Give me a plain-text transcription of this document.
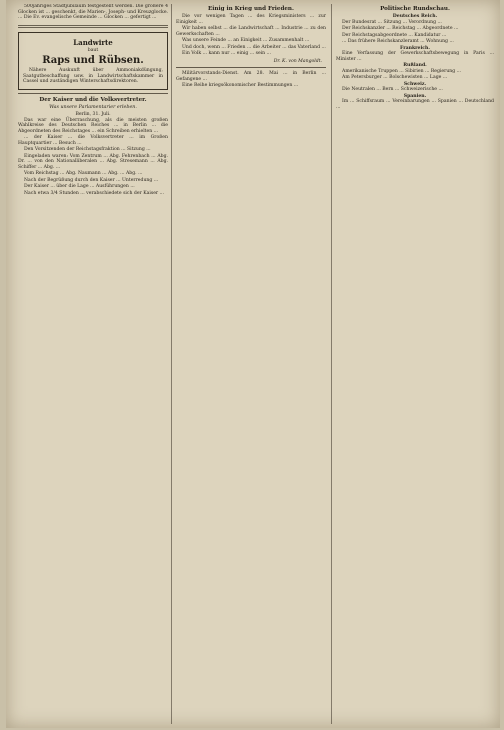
500jähriges Stadtjubiläum festgestellt werden. Die größere 4 Glocken ist ... geschenkt, die Marien-, Joseph- und Kreuzglocke. ... Die Ev. evangelische Gemeinde ... Glocken ... gefertigt ...
Landwirte
baut
Raps und Rübsen.
Nähere Auskunft über Ammoniakdüngung, Saatgutbeschaffung usw. in Landwirtschaftskammer in Cassel und zuständigen Winterschaftsdirektoren.
Der Kaiser und die Volksvertreter.
Was unsere Parlamentarier erleben.
Berlin, 31. Juli.
Das war eine Überraschung, als die meisten großen Wahlkreise des Deutschen Reiches ... in Berlin ... die Abgeordneten des Reichstages ... ein Schreiben erhielten ...
... der Kaiser ... die Volksvertreter ... im Großen Hauptquartier ... Besuch ...
Den Vorsitzenden der Reichstagsfraktion ... Sitzung ...
Eingeladen waren: Vom Zentrum ... Abg. Fehrenbach ... Abg. Dr. ... von den Nationalliberalen ... Abg. Stresemann ... Abg. Schiffer ... Abg. ...
Vom Reichstag ... Abg. Naumann ... Abg. ... Abg. ...
Nach der Begrüßung durch den Kaiser ... Unterredung ...
Der Kaiser ... über die Lage ... Ausführungen ...
Nach etwa 3/4 Stunden ... verabschiedete sich der Kaiser ...
Einig in Krieg und Frieden.
Die vor wenigen Tagen ... des Kriegsministers ... zur Einigkeit ...
Wir haben selbst ... die Landwirtschaft ... Industrie ... zu den Gewerkschaften ...
Was unsere Feinde ... an Einigkeit ... Zusammenhalt ...
Und doch, wenn ... Frieden ... die Arbeiter ... das Vaterland ...
Ein Volk ... kann nur ... einig ... sein ...
Dr. K. von Mangoldt.
Militärvorstands-Dienst. Am 28. Mai ... in Berlin ... Gefangene ...
Eine Reihe kriegsökonomischer Bestimmungen ...
Politische Rundschau.
Deutsches Reich.
Der Bundesrat ... Sitzung ... Verordnung ...
Der Reichskanzler ... Reichstag ... Abgeordnete ...
Der Reichstagsabgeordnete ... Kandidatur ...
... Das frühere Reichskanzleramt ... Wohnung ...
Frankreich.
Eine Verfassung der Gewerkschaftsbewegung in Paris ... Minister ...
Rußland.
Amerikanische Truppen ... Sibirien ... Regierung ...
Am Petersburger ... Bolschewisten ... Lage ...
Schweiz.
Die Neutralen ... Bern ... Schweizerische ...
Spanien.
Im ... Schiffsraum ... Vereinbarungen ... Spanien ... Deutschland ...
